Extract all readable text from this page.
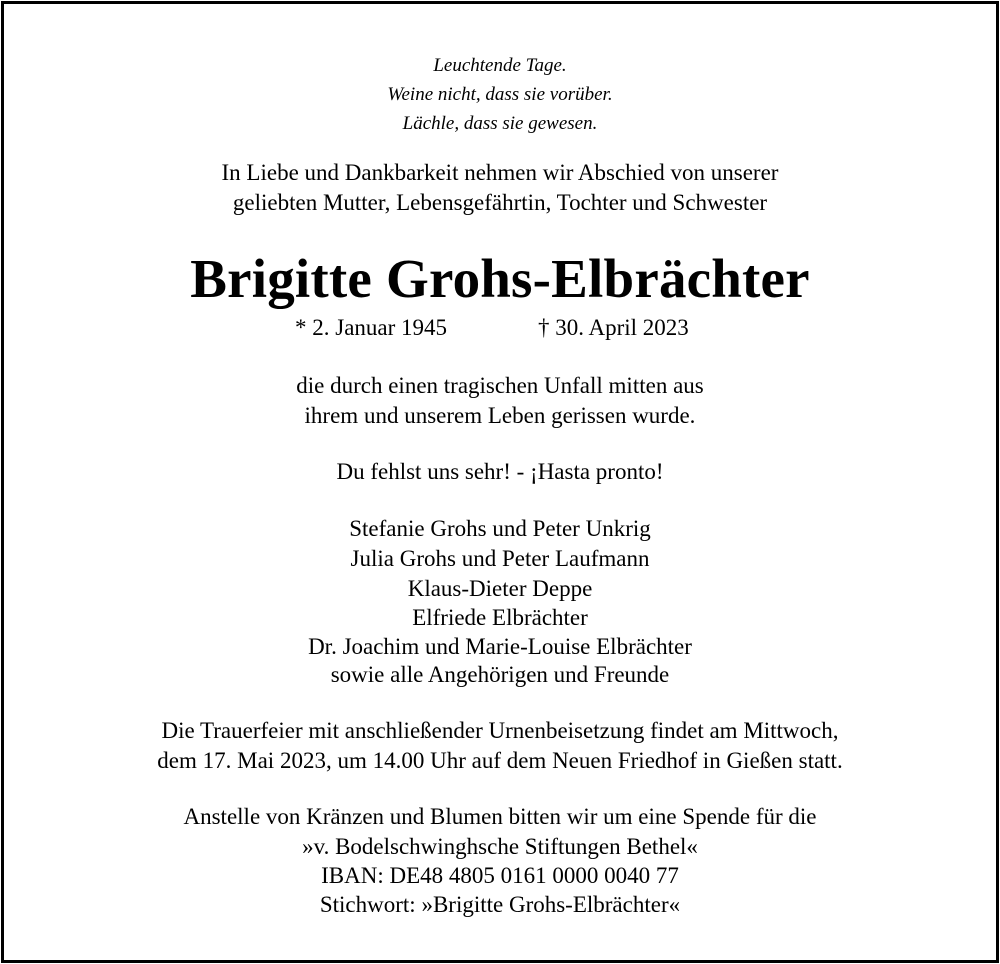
Leuchtende Tage.
Weine nicht, dass sie vorüber.
Lächle, dass sie gewesen.
In Liebe und Dankbarkeit nehmen wir Abschied von unserer
geliebten Mutter, Lebensgefährtin, Tochter und Schwester
Brigitte Grohs-Elbrächter
* 2. Januar 1945	† 30. April 2023
die durch einen tragischen Unfall mitten aus
ihrem und unserem Leben gerissen wurde.
Du fehlst uns sehr! - ¡Hasta pronto!
Stefanie Grohs und Peter Unkrig
Julia Grohs und Peter Laufmann
Klaus-Dieter Deppe
Elfriede Elbrächter
Dr. Joachim und Marie-Louise Elbrächter
sowie alle Angehörigen und Freunde
Die Trauerfeier mit anschließender Urnenbeisetzung findet am Mittwoch,
dem 17. Mai 2023, um 14.00 Uhr auf dem Neuen Friedhof in Gießen statt.
Anstelle von Kränzen und Blumen bitten wir um eine Spende für die
»v. Bodelschwinghsche Stiftungen Bethel«
IBAN: DE48 4805 0161 0000 0040 77
Stichwort: »Brigitte Grohs-Elbrächter«
